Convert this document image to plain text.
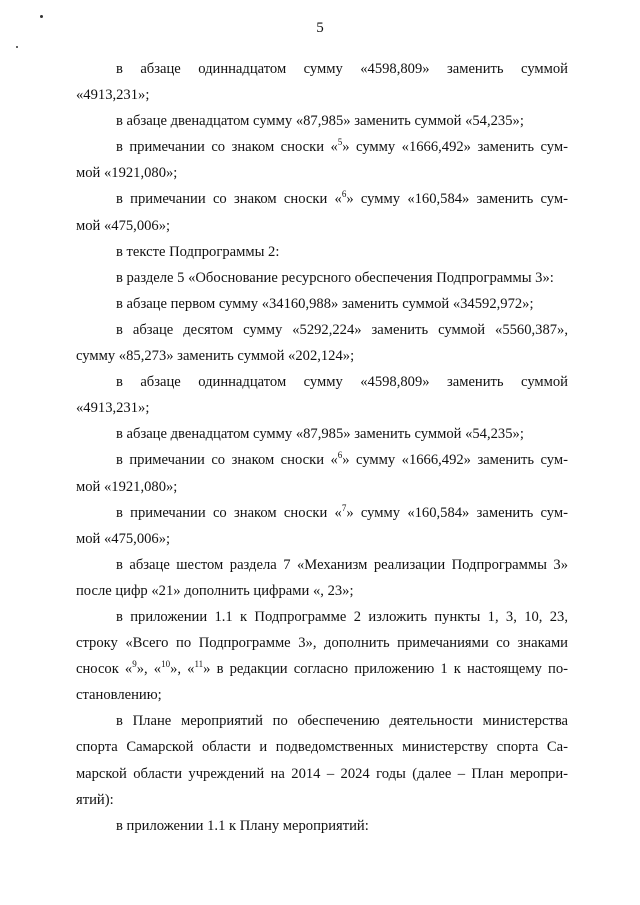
5
в абзаце одиннадцатом сумму «4598,809» заменить суммой
«4913,231»;
в абзаце двенадцатом сумму «87,985» заменить суммой «54,235»;
в примечании со знаком сноски «$^5$» сумму «1666,492» заменить сум-
мой «1921,080»;
в примечании со знаком сноски «$^6$» сумму «160,584» заменить сум-
мой «475,006»;
в тексте Подпрограммы 2:
в разделе 5 «Обоснование ресурсного обеспечения Подпрограммы 3»:
в абзаце первом сумму «34160,988» заменить суммой «34592,972»;
в абзаце десятом сумму «5292,224» заменить суммой «5560,387»,
сумму «85,273» заменить суммой «202,124»;
в абзаце одиннадцатом сумму «4598,809» заменить суммой
«4913,231»;
в абзаце двенадцатом сумму «87,985» заменить суммой «54,235»;
в примечании со знаком сноски «$^6$» сумму «1666,492» заменить сум-
мой «1921,080»;
в примечании со знаком сноски «$^7$» сумму «160,584» заменить сум-
мой «475,006»;
в абзаце шестом раздела 7 «Механизм реализации Подпрограммы 3»
после цифр «21» дополнить цифрами «, 23»;
в приложении 1.1 к Подпрограмме 2 изложить пункты 1, 3, 10, 23,
строку «Всего по Подпрограмме 3», дополнить примечаниями со знаками
сносок «$^9$», «$^{10}$», «$^{11}$» в редакции согласно приложению 1 к настоящему по-
становлению;
в Плане мероприятий по обеспечению деятельности министерства
спорта Самарской области и подведомственных министерству спорта Са-
марской области учреждений на 2014 – 2024 годы (далее – План меропри-
ятий):
в приложении 1.1 к Плану мероприятий:
